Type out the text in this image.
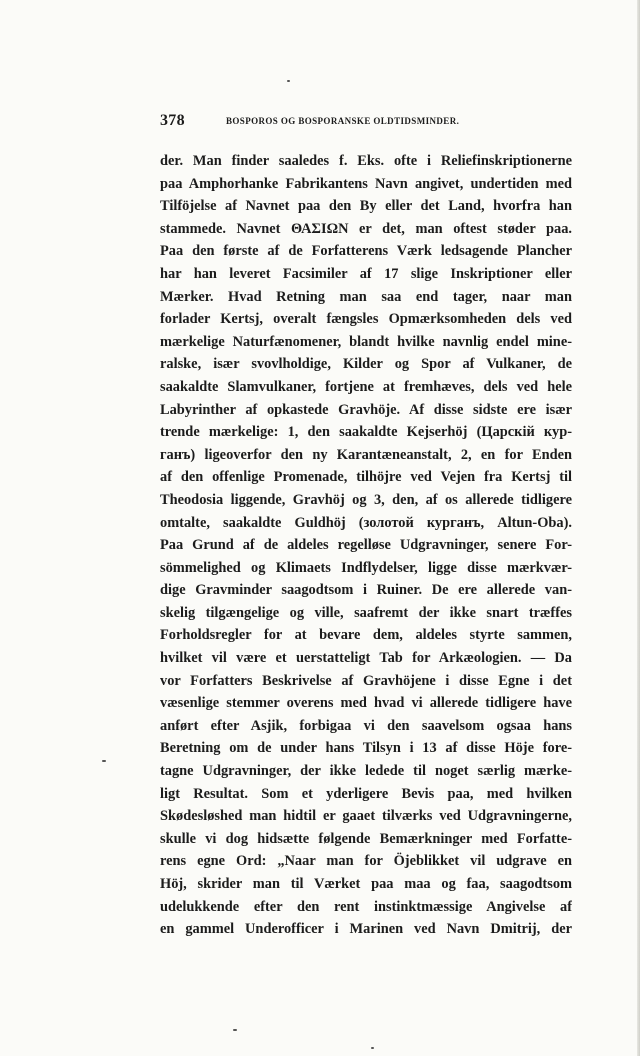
378	BOSPOROS OG BOSPORANSKE OLDTIDSMINDER.
der. Man finder saaledes f. Eks. ofte i Reliefinskriptionerne
paa Amphorhanke Fabrikantens Navn angivet, undertiden med
Tilföjelse af Navnet paa den By eller det Land, hvorfra han
stammede. Navnet ΘΑΣΙΩΝ er det, man oftest støder paa.
Paa den første af de Forfatterens Værk ledsagende Plancher
har han leveret Facsimiler af 17 slige Inskriptioner eller
Mærker. Hvad Retning man saa end tager, naar man
forlader Kertsj, overalt fængsles Opmærksomheden dels ved
mærkelige Naturfænomener, blandt hvilke navnlig endel mine-
ralske, især svovlholdige, Kilder og Spor af Vulkaner, de
saakaldte Slamvulkaner, fortjene at fremhæves, dels ved hele
Labyrinther af opkastede Gravhöje. Af disse sidste ere især
trende mærkelige: 1, den saakaldte Kejserhöj (Царскій кур-
ганъ) ligeoverfor den ny Karantæneanstalt, 2, en for Enden
af den offenlige Promenade, tilhöjre ved Vejen fra Kertsj til
Theodosia liggende, Gravhöj og 3, den, af os allerede tidligere
omtalte, saakaldte Guldhöj (золотой курганъ, Altun-Oba).
Paa Grund af de aldeles regelløse Udgravninger, senere For-
sömmelighed og Klimaets Indflydelser, ligge disse mærkvær-
dige Gravminder saagodtsom i Ruiner. De ere allerede van-
skelig tilgængelige og ville, saafremt der ikke snart træffes
Forholdsregler for at bevare dem, aldeles styrte sammen,
hvilket vil være et uerstatteligt Tab for Arkæologien. — Da
vor Forfatters Beskrivelse af Gravhöjene i disse Egne i det
væsenlige stemmer overens med hvad vi allerede tidligere have
anført efter Asjik, forbigaa vi den saavelsom ogsaa hans
Beretning om de under hans Tilsyn i 13 af disse Höje fore-
tagne Udgravninger, der ikke ledede til noget særlig mærke-
ligt Resultat. Som et yderligere Bevis paa, med hvilken
Skødesløshed man hidtil er gaaet tilværks ved Udgravningerne,
skulle vi dog hidsætte følgende Bemærkninger med Forfatte-
rens egne Ord: „Naar man for Öjeblikket vil udgrave en
Höj, skrider man til Værket paa maa og faa, saagodtsom
udelukkende efter den rent instinktmæssige Angivelse af
en gammel Underofficer i Marinen ved Navn Dmitrij, der
